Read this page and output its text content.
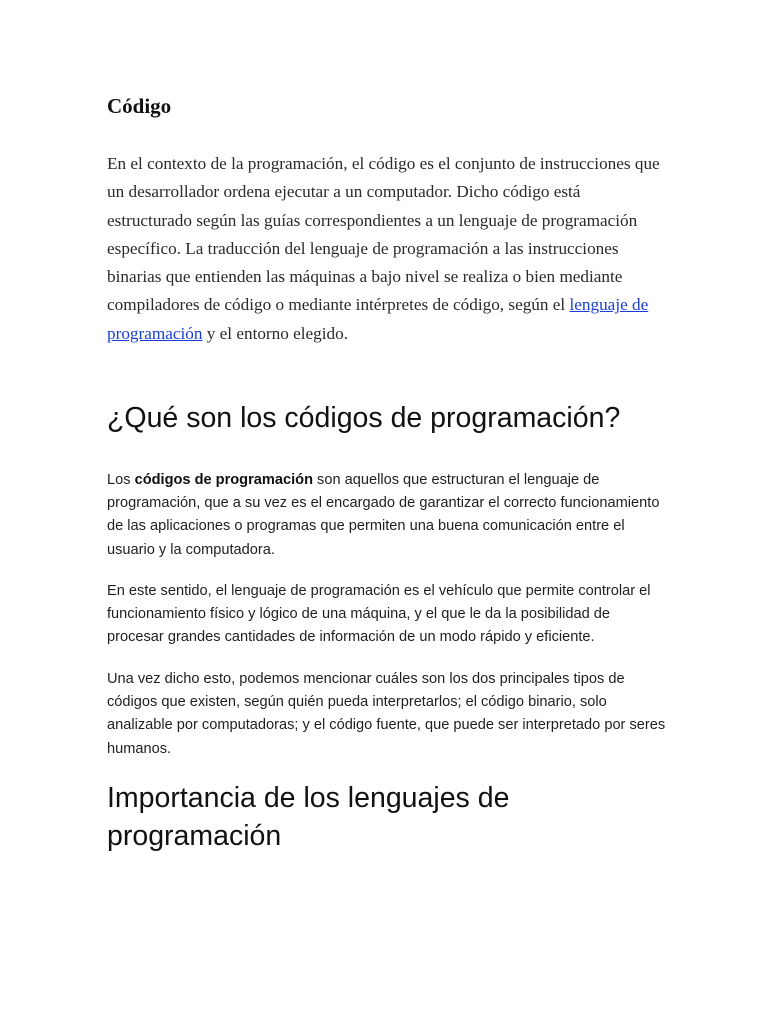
Código

En el contexto de la programación, el código es el conjunto de instrucciones que un desarrollador ordena ejecutar a un computador. Dicho código está estructurado según las guías correspondientes a un lenguaje de programación específico. La traducción del lenguaje de programación a las instrucciones binarias que entienden las máquinas a bajo nivel se realiza o bien mediante compiladores de código o mediante intérpretes de código, según el lenguaje de programación y el entorno elegido.

¿Qué son los códigos de programación?

Los códigos de programación son aquellos que estructuran el lenguaje de programación, que a su vez es el encargado de garantizar el correcto funcionamiento de las aplicaciones o programas que permiten una buena comunicación entre el usuario y la computadora.

En este sentido, el lenguaje de programación es el vehículo que permite controlar el funcionamiento físico y lógico de una máquina, y el que le da la posibilidad de procesar grandes cantidades de información de un modo rápido y eficiente.

Una vez dicho esto, podemos mencionar cuáles son los dos principales tipos de códigos que existen, según quién pueda interpretarlos; el código binario, solo analizable por computadoras; y el código fuente, que puede ser interpretado por seres humanos.

Importancia de los lenguajes de programación
